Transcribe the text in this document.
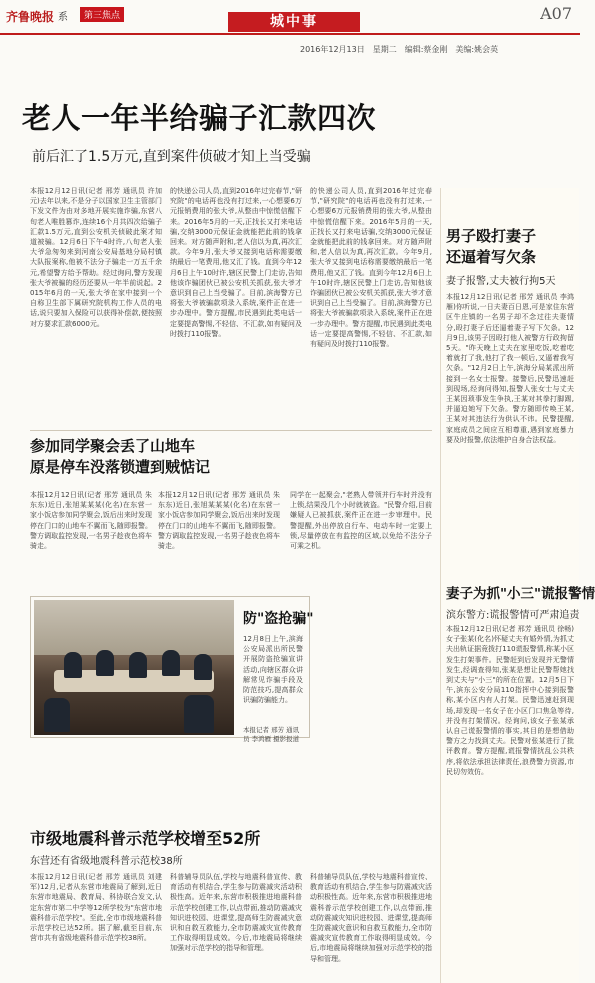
齐鲁晚报 系	第三焦点	A07
城中事
2016年12月13日　星期二　编辑:蔡金刚　美编:姚会英
老人一年半给骗子汇款四次
前后汇了1.5万元,直到案件侦破才知上当受骗
本报12月12日讯(记者 邢芳 通讯员 许加元)去年以来,不是分子以国家卫生主管部门下发文件为由对多地开展实施诈骗,东营八旬老人唯胜篡诈,连续16个月共四次给骗子汇款1.5万元,直到公安机关侦破此案才知道被骗。12月6日下午4时许,八旬老人张大爷急匆匆来到河南公安局基地分局村镇大队报案称,他被不法分子骗走一万五千余元,希望警方给予帮助。经过询问,警方发现张大爷被骗的经历还要从一年半前说起。2015年6月的一天,张大爷在家中接到一个自称卫生部下属研究院机构工作人员的电话,说只要加入保险可以获得补偿款,便按照对方要求汇款6000元。
的快递公司人员,直到2016年过完春节,"研究院"的电话再也没有打过来,一心想要6万元报销费用的张大爷,从整由中惊慌信醒下来。2016年5月的一天,正找长又打来电话骗,交纳3000元保证金就能把此前的钱拿回来。对方随声附和,老人信以为真,再次汇款。今年9月,张大爷又接到电话称需要缴纳最后一笔费用,他又汇了钱。直到今年12月6日上午10时许,辖区民警上门走访,告知他该诈骗团伙已被公安机关抓获,张大爷才意识到自己上当受骗了。目前,滨海警方已将张大爷被骗款项录入系统,案件正在进一步办理中。警方提醒,市民遇到此类电话一定要提高警惕,不轻信、不汇款,如有疑问及时拨打110报警。
的快递公司人员,直到2016年过完春节,"研究院"的电话再也没有打过来,一心想要6万元报销费用的张大爷,从整由中惊慌信醒下来。2016年5月的一天,正找长又打来电话骗,交纳3000元保证金就能把此前的钱拿回来。对方随声附和,老人信以为真,再次汇款。今年9月,张大爷又接到电话称需要缴纳最后一笔费用,他又汇了钱。直到今年12月6日上午10时许,辖区民警上门走访,告知他该诈骗团伙已被公安机关抓获,张大爷才意识到自己上当受骗了。目前,滨海警方已将张大爷被骗款项录入系统,案件正在进一步办理中。警方提醒,市民遇到此类电话一定要提高警惕,不轻信、不汇款,如有疑问及时拨打110报警。
参加同学聚会丢了山地车
原是停车没落锁遭到贼惦记
本报12月12日讯(记者 邢芳 通讯员 朱东东)近日,张旭某某某(化名)在东营一家小饭店参加同学聚会,饭后出来时发现停在门口的山地车不翼而飞,随即报警。警方调取监控发现,一名男子趁夜色将车骑走。
本报12月12日讯(记者 邢芳 通讯员 朱东东)近日,张旭某某某(化名)在东营一家小饭店参加同学聚会,饭后出来时发现停在门口的山地车不翼而飞,随即报警。警方调取监控发现,一名男子趁夜色将车骑走。
同学在一起聚会,"老熟人带领并行车时并没有上锁,结果没几个小时就被盗。"民警介绍,目前嫌疑人已被抓获,案件正在进一步审理中。民警提醒,外出停放自行车、电动车时一定要上锁,尽量停放在有监控的区域,以免给不法分子可乘之机。
防"盗抢骗"
12月8日上午,滨海公安局派出所民警开展防盗抢骗宣讲活动,向辖区群众讲解常见诈骗手段及防范技巧,提高群众识骗防骗能力。
本报记者 邢芳 通讯员 李鸿雁 摄影报道
市级地震科普示范学校增至52所
东营还有省级地震科普示范校38所
本报12月12日讯(记者 邢芳 通讯员 刘建军)12月,记者从东营市地震局了解到,近日东营市地震局、教育局、科协联合发文,认定东营市第二中学等12所学校为"东营市地震科普示范学校"。至此,全市市级地震科普示范学校已达52所。据了解,截至目前,东营市共有省级地震科普示范学校38所。
科普辅导员队伍,学校与地震科普宣传、教育活动有机结合,学生参与防震减灾活动积极性高。近年来,东营市积极推进地震科普示范学校创建工作,以点带面,推动防震减灾知识进校园、进课堂,提高师生防震减灾意识和自救互救能力,全市防震减灾宣传教育工作取得明显成效。今后,市地震局将继续加强对示范学校的指导和管理。
科普辅导员队伍,学校与地震科普宣传、教育活动有机结合,学生参与防震减灾活动积极性高。近年来,东营市积极推进地震科普示范学校创建工作,以点带面,推动防震减灾知识进校园、进课堂,提高师生防震减灾意识和自救互救能力,全市防震减灾宣传教育工作取得明显成效。今后,市地震局将继续加强对示范学校的指导和管理。
男子殴打妻子
还逼着写欠条
妻子报警,丈夫被行拘5天
本报12月12日讯(记者 邢芳 通讯员 李鸿雁)你听说,一日夫妻百日恩,可是家住东营区牛庄镇的一名男子却不念过往夫妻情分,殴打妻子后还逼着妻子写下欠条。12月9日,该男子因殴打他人被警方行政拘留5天。"昨天晚上丈夫在家里吃饭,吃着吃着就打了我,他打了我一顿后,又逼着我写欠条。"12月2日上午,滨海分局某派出所接到一名女士报警。接警后,民警迅速赶到现场,经询问得知,报警人张女士与丈夫王某因琐事发生争执,王某对其拳打脚踢,并逼迫她写下欠条。警方随即传唤王某,王某对其违法行为供认不讳。民警提醒,家庭成员之间应互相尊重,遇到家庭暴力要及时报警,依法维护自身合法权益。
妻子为抓"小三"谎报警情
滨东警方:谎报警情可严肃追责
本报12月12日讯(记者 邢芳 通讯员 徐畅)女子张某(化名)怀疑丈夫有婚外情,为抓丈夫出轨证据竟拨打110谎报警情,称某小区发生打架事件。民警赶到后发现并无警情发生,经调查得知,张某是想让民警帮她找到丈夫与"小三"的所在位置。12月5日下午,滨东公安分局110指挥中心接到报警称,某小区内有人打架。民警迅速赶到现场,却发现一名女子在小区门口焦急等待,并没有打架情况。经询问,该女子张某承认自己谎报警情的事实,其目的是想借助警方之力找到丈夫。民警对张某进行了批评教育。警方提醒,谎报警情扰乱公共秩序,将依法承担法律责任,浪费警力资源,市民切勿效仿。
